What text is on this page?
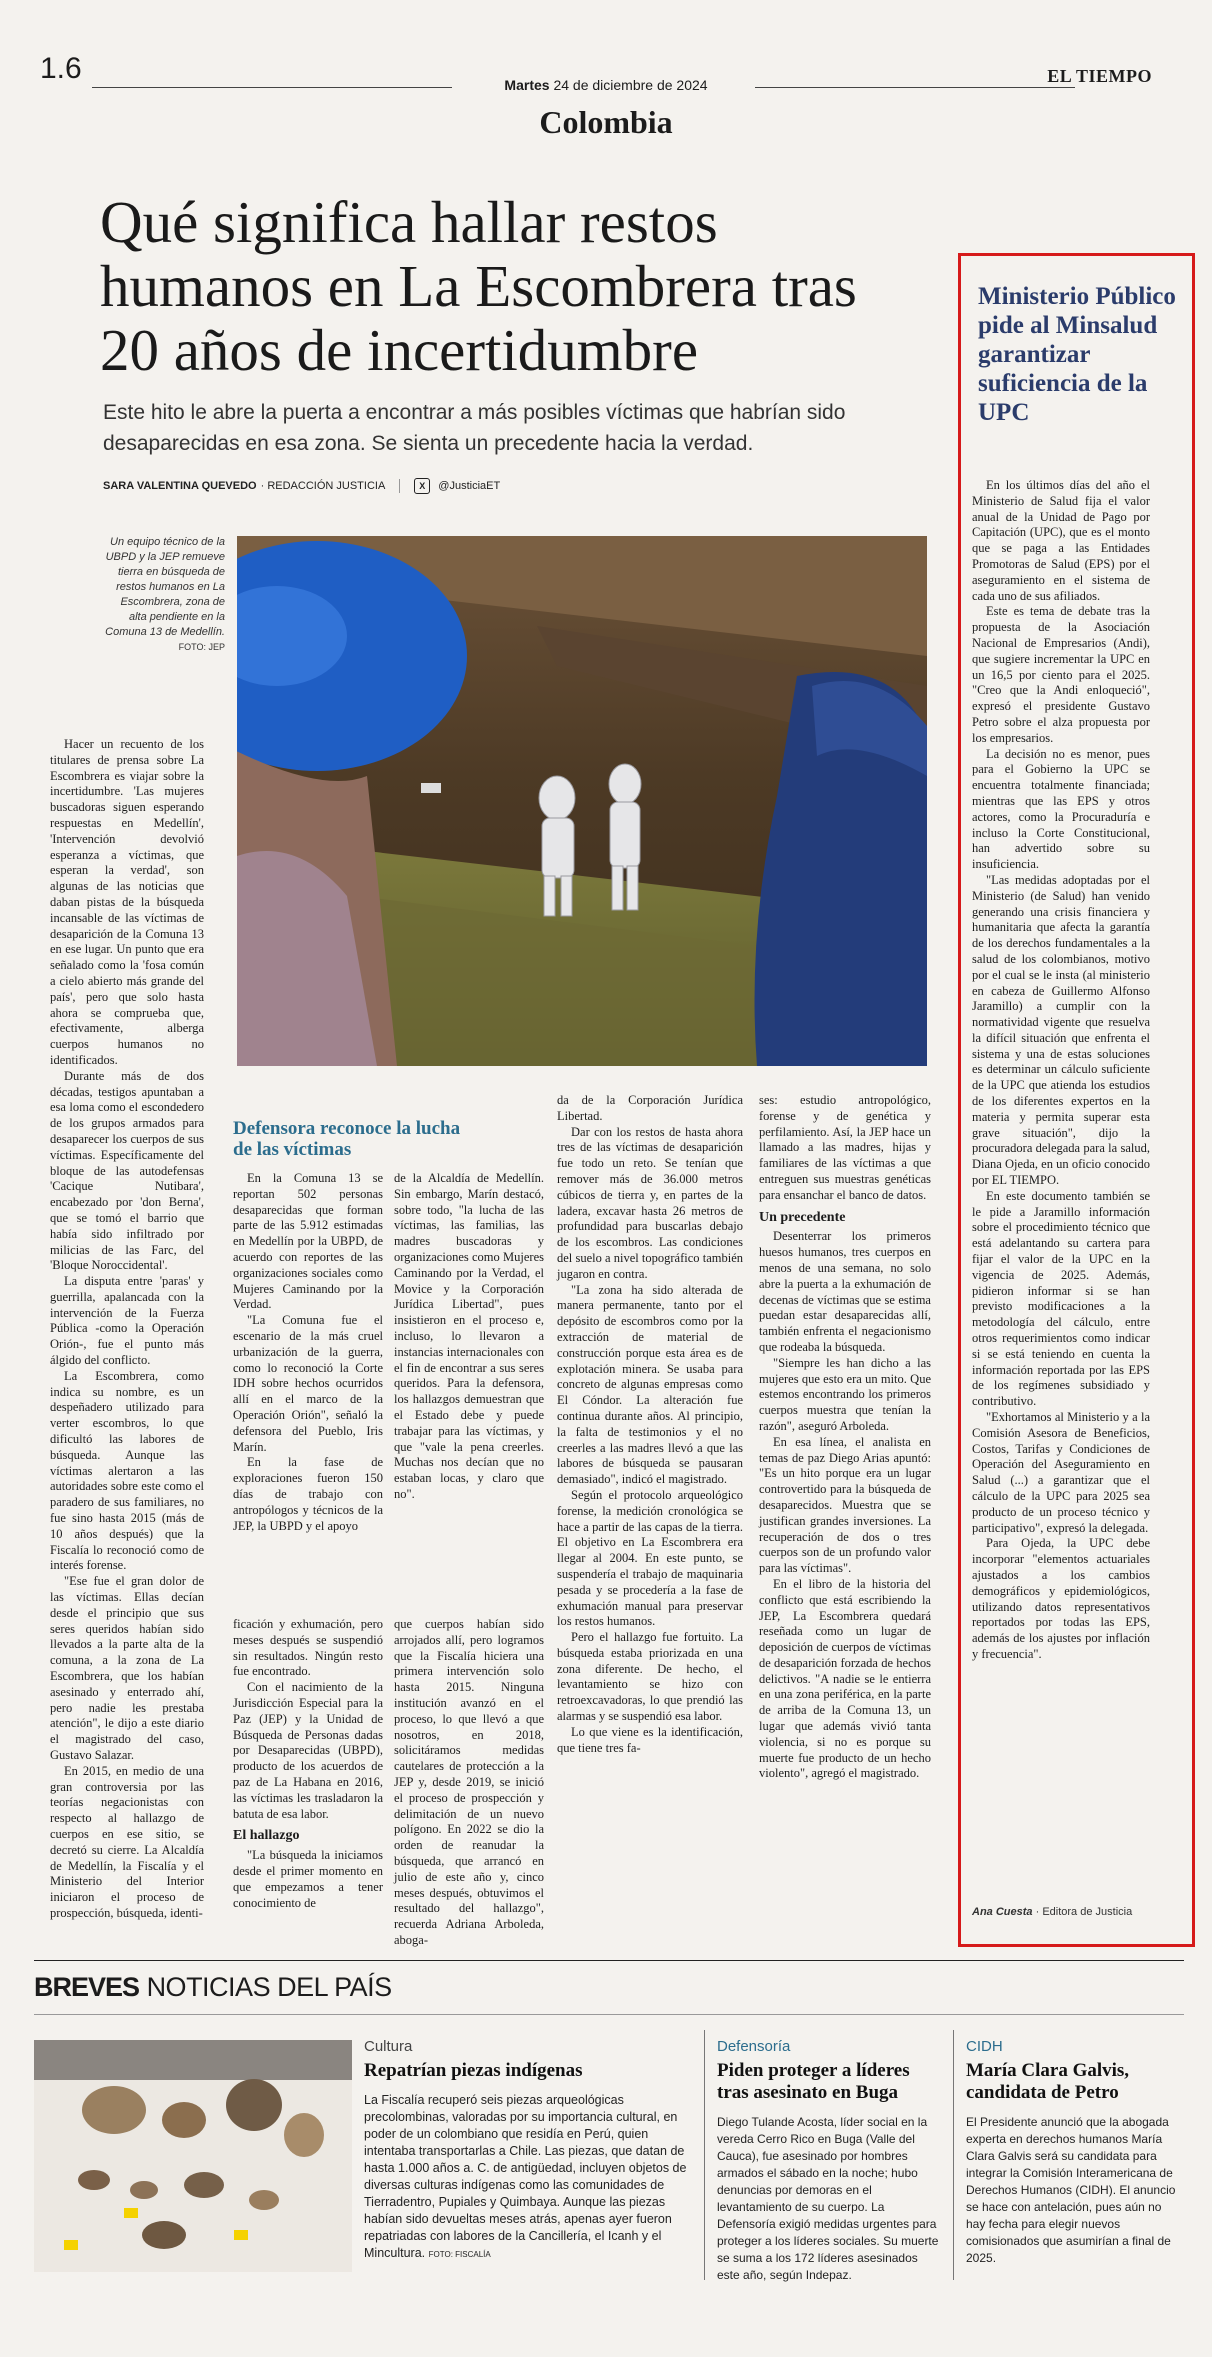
1.6	Martes 24 de diciembre de 2024	EL TIEMPO
Colombia
Qué significa hallar restos humanos en La Escombrera tras 20 años de incertidumbre
Este hito le abre la puerta a encontrar a más posibles víctimas que habrían sido desaparecidas en esa zona. Se sienta un precedente hacia la verdad.
SARA VALENTINA QUEVEDO · REDACCIÓN JUSTICIA	X	@JusticiaET
Un equipo técnico de la UBPD y la JEP remueve tierra en búsqueda de restos humanos en La Escombrera, zona de alta pendiente en la Comuna 13 de Medellín. FOTO: JEP

Hacer un recuento de los titulares de prensa sobre La Escombrera es viajar sobre la incertidumbre. 'Las mujeres buscadoras siguen esperando respuestas en Medellín', 'Intervención devolvió esperanza a víctimas, que esperan la verdad', son algunas de las noticias que daban pistas de la búsqueda incansable de las víctimas de desaparición de la Comuna 13 en ese lugar. Un punto que era señalado como la 'fosa común a cielo abierto más grande del país', pero que solo hasta ahora se comprueba que, efectivamente, alberga cuerpos humanos no identificados.

Durante más de dos décadas, testigos apuntaban a esa loma como el escondedero de los grupos armados para desaparecer los cuerpos de sus víctimas. Específicamente del bloque de las autodefensas 'Cacique Nutibara', encabezado por 'don Berna', que se tomó el barrio que había sido infiltrado por milicias de las Farc, del 'Bloque Noroccidental'.

La disputa entre 'paras' y guerrilla, apalancada con la intervención de la Fuerza Pública -como la Operación Orión-, fue el punto más álgido del conflicto.

La Escombrera, como indica su nombre, es un despeñadero utilizado para verter escombros, lo que dificultó las labores de búsqueda. Aunque las víctimas alertaron a las autoridades sobre este como el paradero de sus familiares, no fue sino hasta 2015 (más de 10 años después) que la Fiscalía lo reconoció como de interés forense.

"Ese fue el gran dolor de las víctimas. Ellas decían desde el principio que sus seres queridos habían sido llevados a la parte alta de la comuna, a la zona de La Escombrera, que los habían asesinado y enterrado ahí, pero nadie les prestaba atención", le dijo a este diario el magistrado del caso, Gustavo Salazar.

En 2015, en medio de una gran controversia por las teorías negacionistas con respecto al hallazgo de cuerpos en ese sitio, se decretó su cierre. La Alcaldía de Medellín, la Fiscalía y el Ministerio del Interior iniciaron el proceso de prospección, búsqueda, identi-

Defensora reconoce la lucha de las víctimas

En la Comuna 13 se reportan 502 personas desaparecidas que forman parte de las 5.912 estimadas en Medellín por la UBPD, de acuerdo con reportes de las organizaciones sociales como Mujeres Caminando por la Verdad.

"La Comuna fue el escenario de la más cruel urbanización de la guerra, como lo reconoció la Corte IDH sobre hechos ocurridos allí en el marco de la Operación Orión", señaló la defensora del Pueblo, Iris Marín.

En la fase de exploraciones fueron 150 días de trabajo con antropólogos y técnicos de la JEP, la UBPD y el apoyo

de la Alcaldía de Medellín. Sin embargo, Marín destacó, sobre todo, "la lucha de las víctimas, las familias, las madres buscadoras y organizaciones como Mujeres Caminando por la Verdad, el Movice y la Corporación Jurídica Libertad", pues insistieron en el proceso e, incluso, lo llevaron a instancias internacionales con el fin de encontrar a sus seres queridos. Para la defensora, los hallazgos demuestran que el Estado debe y puede trabajar para las víctimas, y que "vale la pena creerles. Muchas nos decían que no estaban locas, y claro que no".

ficación y exhumación, pero meses después se suspendió sin resultados. Ningún resto fue encontrado.

Con el nacimiento de la Jurisdicción Especial para la Paz (JEP) y la Unidad de Búsqueda de Personas dadas por Desaparecidas (UBPD), producto de los acuerdos de paz de La Habana en 2016, las víctimas les trasladaron la batuta de esa labor.

El hallazgo

"La búsqueda la iniciamos desde el primer momento en que empezamos a tener conocimiento de

que cuerpos habían sido arrojados allí, pero logramos que la Fiscalía hiciera una primera intervención solo hasta 2015. Ninguna institución avanzó en el proceso, lo que llevó a que nosotros, en 2018, solicitáramos medidas cautelares de protección a la JEP y, desde 2019, se inició el proceso de prospección y delimitación de un nuevo polígono. En 2022 se dio la orden de reanudar la búsqueda, que arrancó en julio de este año y, cinco meses después, obtuvimos el resultado del hallazgo", recuerda Adriana Arboleda, aboga-

da de la Corporación Jurídica Libertad.

Dar con los restos de hasta ahora tres de las víctimas de desaparición fue todo un reto. Se tenían que remover más de 36.000 metros cúbicos de tierra y, en partes de la ladera, excavar hasta 26 metros de profundidad para buscarlas debajo de los escombros. Las condiciones del suelo a nivel topográfico también jugaron en contra.

"La zona ha sido alterada de manera permanente, tanto por el depósito de escombros como por la extracción de material de construcción porque esta área es de explotación minera. Se usaba para concreto de algunas empresas como El Cóndor. La alteración fue continua durante años. Al principio, la falta de testimonios y el no creerles a las madres llevó a que las labores de búsqueda se pausaran demasiado", indicó el magistrado.

Según el protocolo arqueológico forense, la medición cronológica se hace a partir de las capas de la tierra. El objetivo en La Escombrera era llegar al 2004. En este punto, se suspendería el trabajo de maquinaria pesada y se procedería a la fase de exhumación manual para preservar los restos humanos.

Pero el hallazgo fue fortuito. La búsqueda estaba priorizada en una zona diferente. De hecho, el levantamiento se hizo con retroexcavadoras, lo que prendió las alarmas y se suspendió esa labor.

Lo que viene es la identificación, que tiene tres fa-

ses: estudio antropológico, forense y de genética y perfilamiento. Así, la JEP hace un llamado a las madres, hijas y familiares de las víctimas a que entreguen sus muestras genéticas para ensanchar el banco de datos.

Un precedente

Desenterrar los primeros huesos humanos, tres cuerpos en menos de una semana, no solo abre la puerta a la exhumación de decenas de víctimas que se estima puedan estar desaparecidas allí, también enfrenta el negacionismo que rodeaba la búsqueda.

"Siempre les han dicho a las mujeres que esto era un mito. Que estemos encontrando los primeros cuerpos muestra que tenían la razón", aseguró Arboleda.

En esa línea, el analista en temas de paz Diego Arias apuntó: "Es un hito porque era un lugar controvertido para la búsqueda de desaparecidos. Muestra que se justifican grandes inversiones. La recuperación de dos o tres cuerpos son de un profundo valor para las víctimas".

En el libro de la historia del conflicto que está escribiendo la JEP, La Escombrera quedará reseñada como un lugar de deposición de cuerpos de víctimas de desaparición forzada de hechos delictivos. "A nadie se le entierra en una zona periférica, en la parte de arriba de la Comuna 13, un lugar que además vivió tanta violencia, si no es porque su muerte fue producto de un hecho violento", agregó el magistrado.

Ministerio Público pide al Minsalud garantizar suficiencia de la UPC

En los últimos días del año el Ministerio de Salud fija el valor anual de la Unidad de Pago por Capitación (UPC), que es el monto que se paga a las Entidades Promotoras de Salud (EPS) por el aseguramiento en el sistema de cada uno de sus afiliados.

Este es tema de debate tras la propuesta de la Asociación Nacional de Empresarios (Andi), que sugiere incrementar la UPC en un 16,5 por ciento para el 2025. "Creo que la Andi enloqueció", expresó el presidente Gustavo Petro sobre el alza propuesta por los empresarios.

La decisión no es menor, pues para el Gobierno la UPC se encuentra totalmente financiada; mientras que las EPS y otros actores, como la Procuraduría e incluso la Corte Constitucional, han advertido sobre su insuficiencia.

"Las medidas adoptadas por el Ministerio (de Salud) han venido generando una crisis financiera y humanitaria que afecta la garantía de los derechos fundamentales a la salud de los colombianos, motivo por el cual se le insta (al ministerio en cabeza de Guillermo Alfonso Jaramillo) a cumplir con la normatividad vigente que resuelva la difícil situación que enfrenta el sistema y una de estas soluciones es determinar un cálculo suficiente de la UPC que atienda los estudios de los diferentes expertos en la materia y permita superar esta grave situación", dijo la procuradora delegada para la salud, Diana Ojeda, en un oficio conocido por EL TIEMPO.

En este documento también se le pide a Jaramillo información sobre el procedimiento técnico que está adelantando su cartera para fijar el valor de la UPC en la vigencia de 2025. Además, pidieron informar si se han previsto modificaciones a la metodología del cálculo, entre otros requerimientos como indicar si se está teniendo en cuenta la información reportada por las EPS de los regímenes subsidiado y contributivo.

"Exhortamos al Ministerio y a la Comisión Asesora de Beneficios, Costos, Tarifas y Condiciones de Operación del Aseguramiento en Salud (...) a garantizar que el cálculo de la UPC para 2025 sea producto de un proceso técnico y participativo", expresó la delegada.

Para Ojeda, la UPC debe incorporar "elementos actuariales ajustados a los cambios demográficos y epidemiológicos, utilizando datos representativos reportados por todas las EPS, además de los ajustes por inflación y frecuencia".

Ana Cuesta · Editora de Justicia
BREVES NOTICIAS DEL PAÍS
Cultura
Repatrían piezas indígenas
La Fiscalía recuperó seis piezas arqueológicas precolombinas, valoradas por su importancia cultural, en poder de un colombiano que residía en Perú, quien intentaba transportarlas a Chile. Las piezas, que datan de hasta 1.000 años a. C. de antigüedad, incluyen objetos de diversas culturas indígenas como las comunidades de Tierradentro, Pupiales y Quimbaya. Aunque las piezas habían sido devueltas meses atrás, apenas ayer fueron repatriadas con labores de la Cancillería, el Icanh y el Mincultura. FOTO: FISCALÍA
Defensoría
Piden proteger a líderes tras asesinato en Buga
Diego Tulande Acosta, líder social en la vereda Cerro Rico en Buga (Valle del Cauca), fue asesinado por hombres armados el sábado en la noche; hubo denuncias por demoras en el levantamiento de su cuerpo. La Defensoría exigió medidas urgentes para proteger a los líderes sociales. Su muerte se suma a los 172 líderes asesinados este año, según Indepaz.
CIDH
María Clara Galvis, candidata de Petro
El Presidente anunció que la abogada experta en derechos humanos María Clara Galvis será su candidata para integrar la Comisión Interamericana de Derechos Humanos (CIDH). El anuncio se hace con antelación, pues aún no hay fecha para elegir nuevos comisionados que asumirían a final de 2025.
